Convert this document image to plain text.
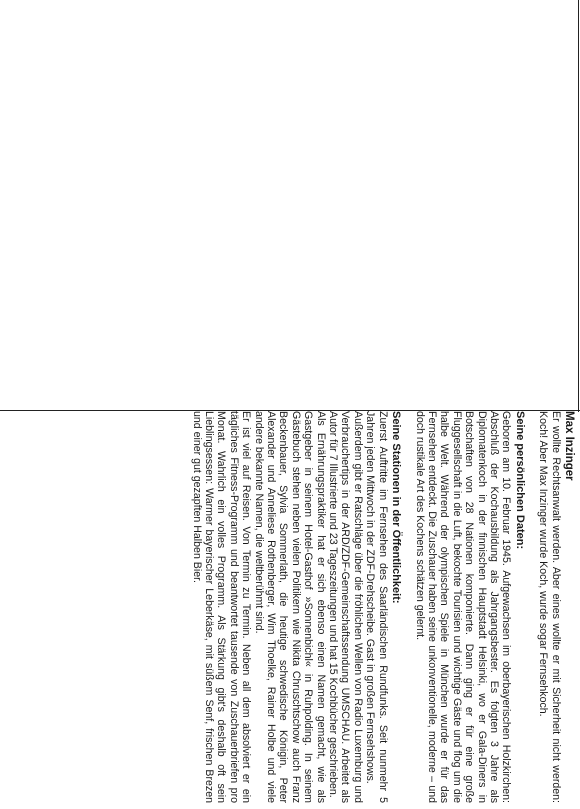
Max Inzinger

Er wollte Rechtsanwalt werden. Aber eines wollte er mit Sicherheit nicht werden: Koch! Aber Max Inzinger wurde Koch, wurde sogar Fernsehkoch.

Seine persönlichen Daten:

Geboren am 10. Februar 1945. Aufgewachsen im oberbayerischen Holzkirchen: Abschluß der Kochausbildung als Jahrgangsbester. Es folgten 3 Jahre als Diplomatenkoch in der finnischen Hauptstadt Helsinki, wo er Gala-Diners in Botschaften von 28 Nationen komponierte. Dann ging er für eine große Fluggesellschaft in die Luft, bekochte Tourisien und wichtige Gäste und flog um die halbe Welt. Während der olympischen Spiele in München wurde er für das Fernsehen entdeckt. Die Zuschauer haben seine unkonventionelle, moderne – und doch rustikale Art des Kochens schätzen gelernt.

Seine Stationen in der Öffentlichkeit:

Zuerst Auftritte im Fernsehen des Saarländischen Rundfunks. Seit nunmehr 5 Jahren jeden Mittwoch in der ZDF-Drehscheibe. Gast in großen Fernsehshows.

Außerdem gibt er Ratschläge über die fröhlichen Wellen von Radio Luxemburg und Verbrauchertips in der ARD/ZDF-Gemeinschaftssendung UMSCHAU. Arbeitet als Autor für 7 Illustrierte und 23 Tageszeitungen und hat 15 Kochbücher geschrieben.

Als Ernährungspraktiker hat er sich ebenso einen Namen gemacht, wie als Gastgeber in seinem Hotel-Gasthof »Sonnenbichl« in Ruhpolding. In seinem Gästebuch stehen neben vielen Politikern wie Nikita Chruschtschow auch Franz Beckenbauer, Sylvia Sommerlath, die heutige schwedische Königin, Peter Alexander und Anneliese Rothenberger, Wim Thoelke, Rainer Holbe und viele andere bekannte Namen, die weltberühmt sind.

Er ist viel auf Reisen. Von Termin zu Termin. Neben all dem absolviert er ein tägliches Fitness-Programm und beantwortet tausende von Zuschauerbriefen pro Monat. Wahrlich ein volles Programm. Als Stärkung gibt's deshalb oft sein Lieblingsessen: Warmer bayerischer Leberkäse, mit süßem Senf, frischen Brezen und einer gut gezapften Halben Bier.
